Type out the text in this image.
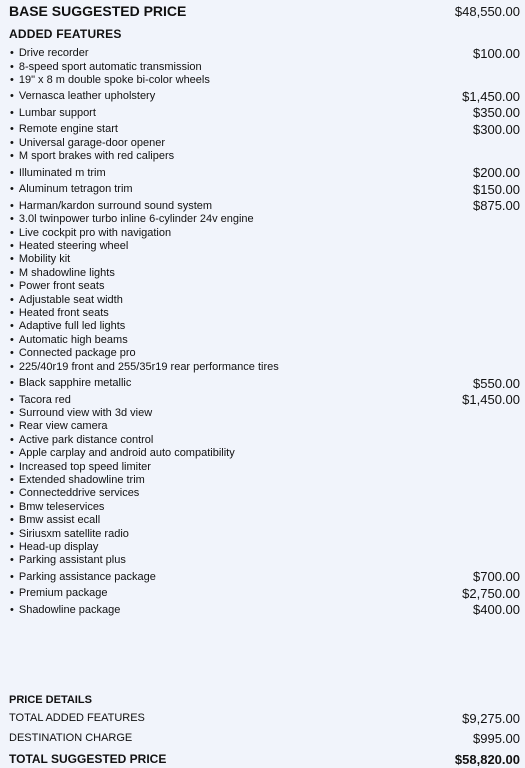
BASE SUGGESTED PRICE	$48,550.00
ADDED FEATURES
• Drive recorder	$100.00
• 8-speed sport automatic transmission
• 19" x 8 m double spoke bi-color wheels
• Vernasca leather upholstery	$1,450.00
• Lumbar support	$350.00
• Remote engine start	$300.00
• Universal garage-door opener
• M sport brakes with red calipers
• Illuminated m trim	$200.00
• Aluminum tetragon trim	$150.00
• Harman/kardon surround sound system	$875.00
• 3.0l twinpower turbo inline 6-cylinder 24v engine
• Live cockpit pro with navigation
• Heated steering wheel
• Mobility kit
• M shadowline lights
• Power front seats
• Adjustable seat width
• Heated front seats
• Adaptive full led lights
• Automatic high beams
• Connected package pro
• 225/40r19 front and 255/35r19 rear performance tires
• Black sapphire metallic	$550.00
• Tacora red	$1,450.00
• Surround view with 3d view
• Rear view camera
• Active park distance control
• Apple carplay and android auto compatibility
• Increased top speed limiter
• Extended shadowline trim
• Connecteddrive services
• Bmw teleservices
• Bmw assist ecall
• Siriusxm satellite radio
• Head-up display
• Parking assistant plus
• Parking assistance package	$700.00
• Premium package	$2,750.00
• Shadowline package	$400.00
PRICE DETAILS
TOTAL ADDED FEATURES	$9,275.00
DESTINATION CHARGE	$995.00
TOTAL SUGGESTED PRICE	$58,820.00
